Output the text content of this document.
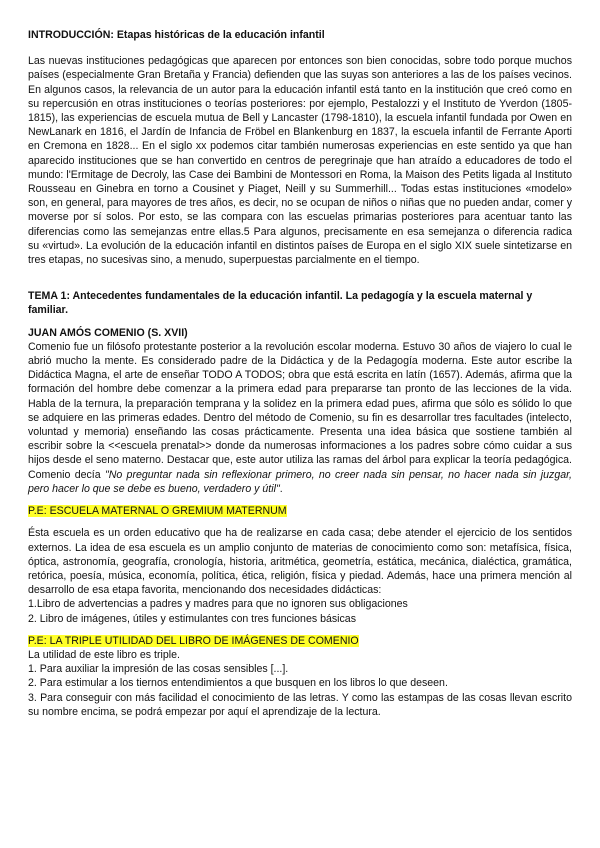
INTRODUCCIÓN: Etapas históricas de la educación infantil

Las nuevas instituciones pedagógicas que aparecen por entonces son bien conocidas, sobre todo porque muchos países (especialmente Gran Bretaña y Francia) defienden que las suyas son anteriores a las de los países vecinos. En algunos casos, la relevancia de un autor para la educación infantil está tanto en la institución que creó como en su repercusión en otras instituciones o teorías posteriores: por ejemplo, Pestalozzi y el Instituto de Yverdon (1805-1815), las experiencias de escuela mutua de Bell y Lancaster (1798-1810), la escuela infantil fundada por Owen en NewLanark en 1816, el Jardín de Infancia de Fröbel en Blankenburg en 1837, la escuela infantil de Ferrante Aporti en Cremona en 1828... En el siglo xx podemos citar también numerosas experiencias en este sentido ya que han aparecido instituciones que se han convertido en centros de peregrinaje que han atraído a educadores de todo el mundo: l'Ermitage de Decroly, las Case dei Bambini de Montessori en Roma, la Maison des Petits ligada al Instituto Rousseau en Ginebra en torno a Cousinet y Piaget, Neill y su Summerhill... Todas estas instituciones «modelo» son, en general, para mayores de tres años, es decir, no se ocupan de niños o niñas que no pueden andar, comer y moverse por sí solos. Por esto, se las compara con las escuelas primarias posteriores para acentuar tanto las diferencias como las semejanzas entre ellas.5 Para algunos, precisamente en esa semejanza o diferencia radica su «virtud». La evolución de la educación infantil en distintos países de Europa en el siglo XIX suele sintetizarse en tres etapas, no sucesivas sino, a menudo, superpuestas parcialmente en el tiempo.

TEMA 1: Antecedentes fundamentales de la educación infantil. La pedagogía y la escuela maternal y familiar.
JUAN AMÓS COMENIO (S. XVII)

Comenio fue un filósofo protestante posterior a la revolución escolar moderna. Estuvo 30 años de viajero lo cual le abrió mucho la mente. Es considerado padre de la Didáctica y de la Pedagogía moderna. Este autor escribe la Didáctica Magna, el arte de enseñar TODO A TODOS; obra que está escrita en latín (1657). Además, afirma que la formación del hombre debe comenzar a la primera edad para prepararse tan pronto de las lecciones de la vida. Habla de la ternura, la preparación temprana y la solidez en la primera edad pues, afirma que sólo es sólido lo que se adquiere en las primeras edades. Dentro del método de Comenio, su fin es desarrollar tres facultades (intelecto, voluntad y memoria) enseñando las cosas prácticamente. Presenta una idea básica que sostiene también al escribir sobre la <<escuela prenatal>> donde da numerosas informaciones a los padres sobre cómo cuidar a sus hijos desde el seno materno. Destacar que, este autor utiliza las ramas del árbol para explicar la teoría pedagógica. Comenio decía "No preguntar nada sin reflexionar primero, no creer nada sin pensar, no hacer nada sin juzgar, pero hacer lo que se debe es bueno, verdadero y útil".

P.E: ESCUELA MATERNAL O GREMIUM MATERNUM

Ésta escuela es un orden educativo que ha de realizarse en cada casa; debe atender el ejercicio de los sentidos externos. La idea de esa escuela es un amplio conjunto de materias de conocimiento como son: metafísica, física, óptica, astronomía, geografía, cronología, historia, aritmética, geometría, estática, mecánica, dialéctica, gramática, retórica, poesía, música, economía, política, ética, religión, física y piedad. Además, hace una primera mención al desarrollo de esa etapa favorita, mencionando dos necesidades didácticas:

1.Libro de advertencias a padres y madres para que no ignoren sus obligaciones
2. Libro de imágenes, útiles y estimulantes con tres funciones básicas
P.E: LA TRIPLE UTILIDAD DEL LIBRO DE IMÁGENES DE COMENIO
La utilidad de este libro es triple.
1. Para auxiliar la impresión de las cosas sensibles [...].
2. Para estimular a los tiernos entendimientos a que busquen en los libros lo que deseen.

3. Para conseguir con más facilidad el conocimiento de las letras. Y como las estampas de las cosas llevan escrito su nombre encima, se podrá empezar por aquí el aprendizaje de la lectura.
